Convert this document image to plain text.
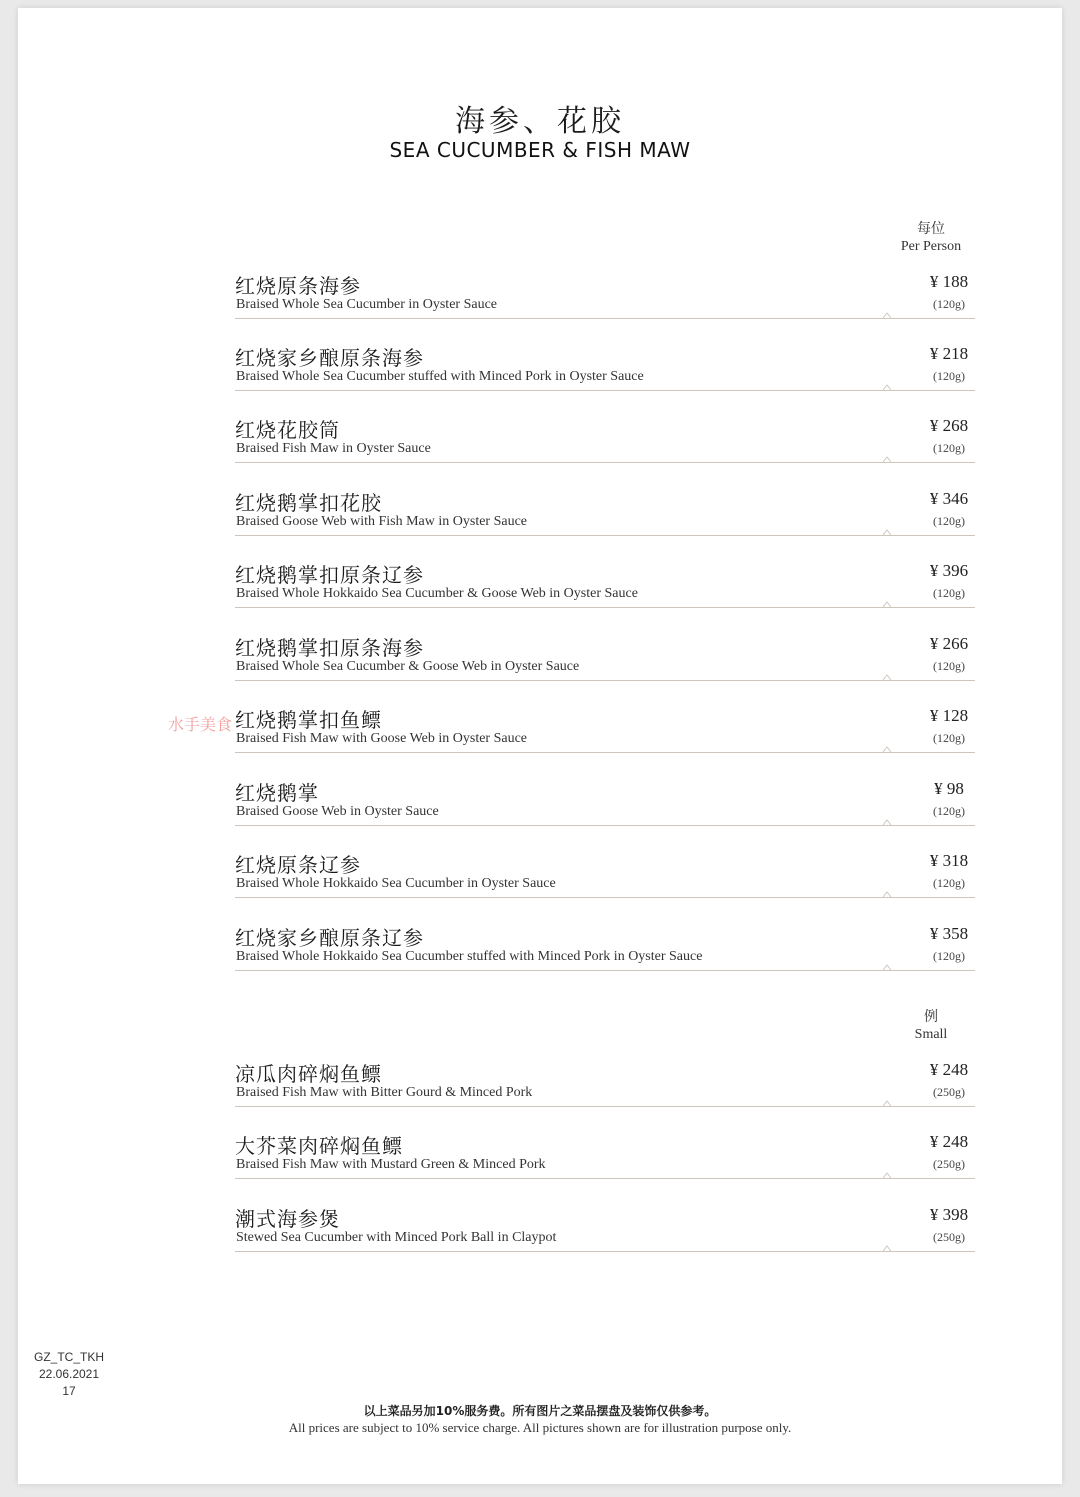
海参、花胶
SEA CUCUMBER & FISH MAW
每位
Per Person
红烧原条海参
Braised Whole Sea Cucumber in Oyster Sauce
¥ 188
(120g)
红烧家乡酿原条海参
Braised Whole Sea Cucumber stuffed with Minced Pork in Oyster Sauce
¥ 218
(120g)
红烧花胶筒
Braised Fish Maw in Oyster Sauce
¥ 268
(120g)
红烧鹅掌扣花胶
Braised Goose Web with Fish Maw in Oyster Sauce
¥ 346
(120g)
红烧鹅掌扣原条辽参
Braised Whole Hokkaido Sea Cucumber & Goose Web in Oyster Sauce
¥ 396
(120g)
红烧鹅掌扣原条海参
Braised Whole Sea Cucumber & Goose Web in Oyster Sauce
¥ 266
(120g)
红烧鹅掌扣鱼鳔
Braised Fish Maw with Goose Web in Oyster Sauce
¥ 128
(120g)
红烧鹅掌
Braised Goose Web in Oyster Sauce
¥ 98
(120g)
红烧原条辽参
Braised Whole Hokkaido Sea Cucumber in Oyster Sauce
¥ 318
(120g)
红烧家乡酿原条辽参
Braised Whole Hokkaido Sea Cucumber stuffed with Minced Pork in Oyster Sauce
¥ 358
(120g)
例
Small
凉瓜肉碎焖鱼鳔
Braised Fish Maw with Bitter Gourd & Minced Pork
¥ 248
(250g)
大芥菜肉碎焖鱼鳔
Braised Fish Maw with Mustard Green & Minced Pork
¥ 248
(250g)
潮式海参煲
Stewed Sea Cucumber with Minced Pork Ball in Claypot
¥ 398
(250g)
水手美食
GZ_TC_TKH
22.06.2021
17
以上菜品另加10%服务费。所有图片之菜品摆盘及装饰仅供参考。
All prices are subject to 10% service charge. All pictures shown are for illustration purpose only.
